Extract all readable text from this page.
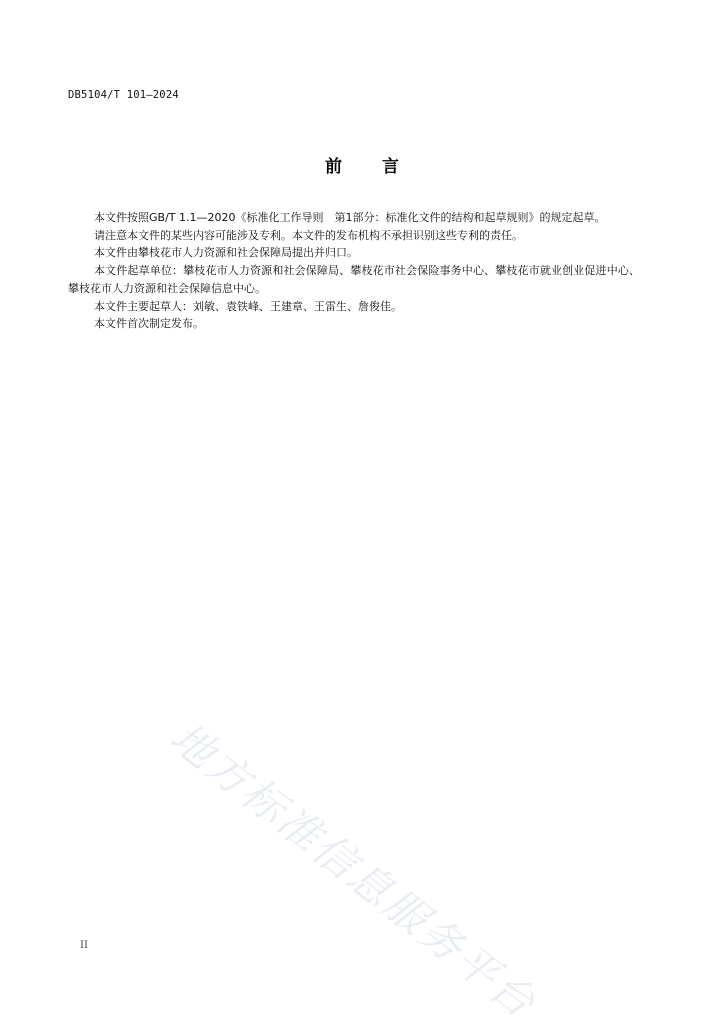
DB5104/T 101—2024
前言

本文件按照GB/T 1.1—2020《标准化工作导则　第1部分：标准化文件的结构和起草规则》的规定起草。

请注意本文件的某些内容可能涉及专利。本文件的发布机构不承担识别这些专利的责任。

本文件由攀枝花市人力资源和社会保障局提出并归口。

本文件起草单位：攀枝花市人力资源和社会保障局、攀枝花市社会保险事务中心、攀枝花市就业创业促进中心、攀枝花市人力资源和社会保障信息中心。

本文件主要起草人：刘敏、袁铁峰、王建章、王雷生、詹俊佳。

本文件首次制定发布。

地方标准信息服务平台
II
